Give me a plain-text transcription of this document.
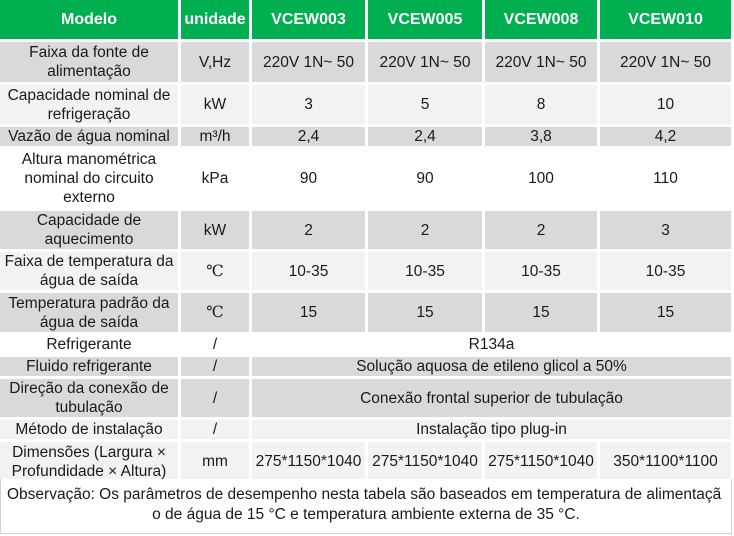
Modelo	unidade	VCEW003	VCEW005	VCEW008	VCEW010
Faixa da fonte de alimentação	V,Hz	220V 1N~ 50	220V 1N~ 50	220V 1N~ 50	220V 1N~ 50
Capacidade nominal de refrigeração	kW	3	5	8	10
Vazão de água nominal	m³/h	2,4	2,4	3,8	4,2
Altura manométrica nominal do circuito externo	kPa	90	90	100	110
Capacidade de aquecimento	kW	2	2	2	3
Faixa de temperatura da água de saída	℃	10-35	10-35	10-35	10-35
Temperatura padrão da água de saída	℃	15	15	15	15
Refrigerante	/	R134a			
Fluido refrigerante	/	Solução aquosa de etileno glicol a 50%			
Direção da conexão de tubulação	/	Conexão frontal superior de tubulação			
Método de instalação	/	Instalação tipo plug-in			
Dimensões (Largura × Profundidade × Altura)	mm	275*1150*1040	275*1150*1040	275*1150*1040	350*1100*1100
Observação: Os parâmetros de desempenho nesta tabela são baseados em temperatura de alimentaçã
o de água de 15 °C e temperatura ambiente externa de 35 °C.
